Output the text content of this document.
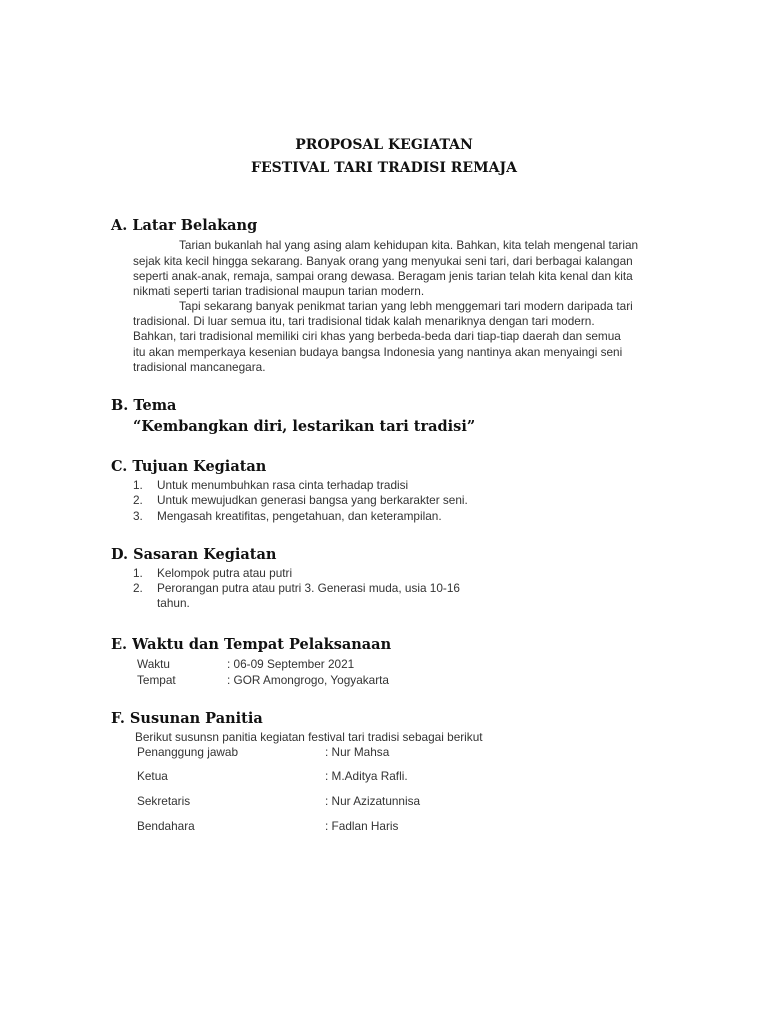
PROPOSAL KEGIATAN
FESTIVAL TARI TRADISI REMAJA
A. Latar Belakang
Tarian bukanlah hal yang asing alam kehidupan kita. Bahkan, kita telah mengenal tarian
sejak kita kecil hingga sekarang. Banyak orang yang menyukai seni tari, dari berbagai kalangan
seperti anak-anak, remaja, sampai orang dewasa. Beragam jenis tarian telah kita kenal dan kita
nikmati seperti tarian tradisional maupun tarian modern.
Tapi sekarang banyak penikmat tarian yang lebh menggemari tari modern daripada tari
tradisional. Di luar semua itu, tari tradisional tidak kalah menariknya dengan tari modern.
Bahkan, tari tradisional memiliki ciri khas yang berbeda-beda dari tiap-tiap daerah dan semua
itu akan memperkaya kesenian budaya bangsa Indonesia yang nantinya akan menyaingi seni
tradisional mancanegara.
B. Tema
“Kembangkan diri, lestarikan tari tradisi”
C. Tujuan Kegiatan
1. Untuk menumbuhkan rasa cinta terhadap tradisi
2. Untuk mewujudkan generasi bangsa yang berkarakter seni.
3. Mengasah kreatifitas, pengetahuan, dan keterampilan.
D. Sasaran Kegiatan
1. Kelompok putra atau putri
2. Perorangan putra atau putri 3. Generasi muda, usia 10-16
tahun.
E. Waktu dan Tempat Pelaksanaan
Waktu	: 06-09 September 2021
Tempat	: GOR Amongrogo, Yogyakarta
F. Susunan Panitia
Berikut susunsn panitia kegiatan festival tari tradisi sebagai berikut
Penanggung jawab	: Nur Mahsa
Ketua	: M.Aditya Rafli.
Sekretaris	: Nur Azizatunnisa
Bendahara	: Fadlan Haris
